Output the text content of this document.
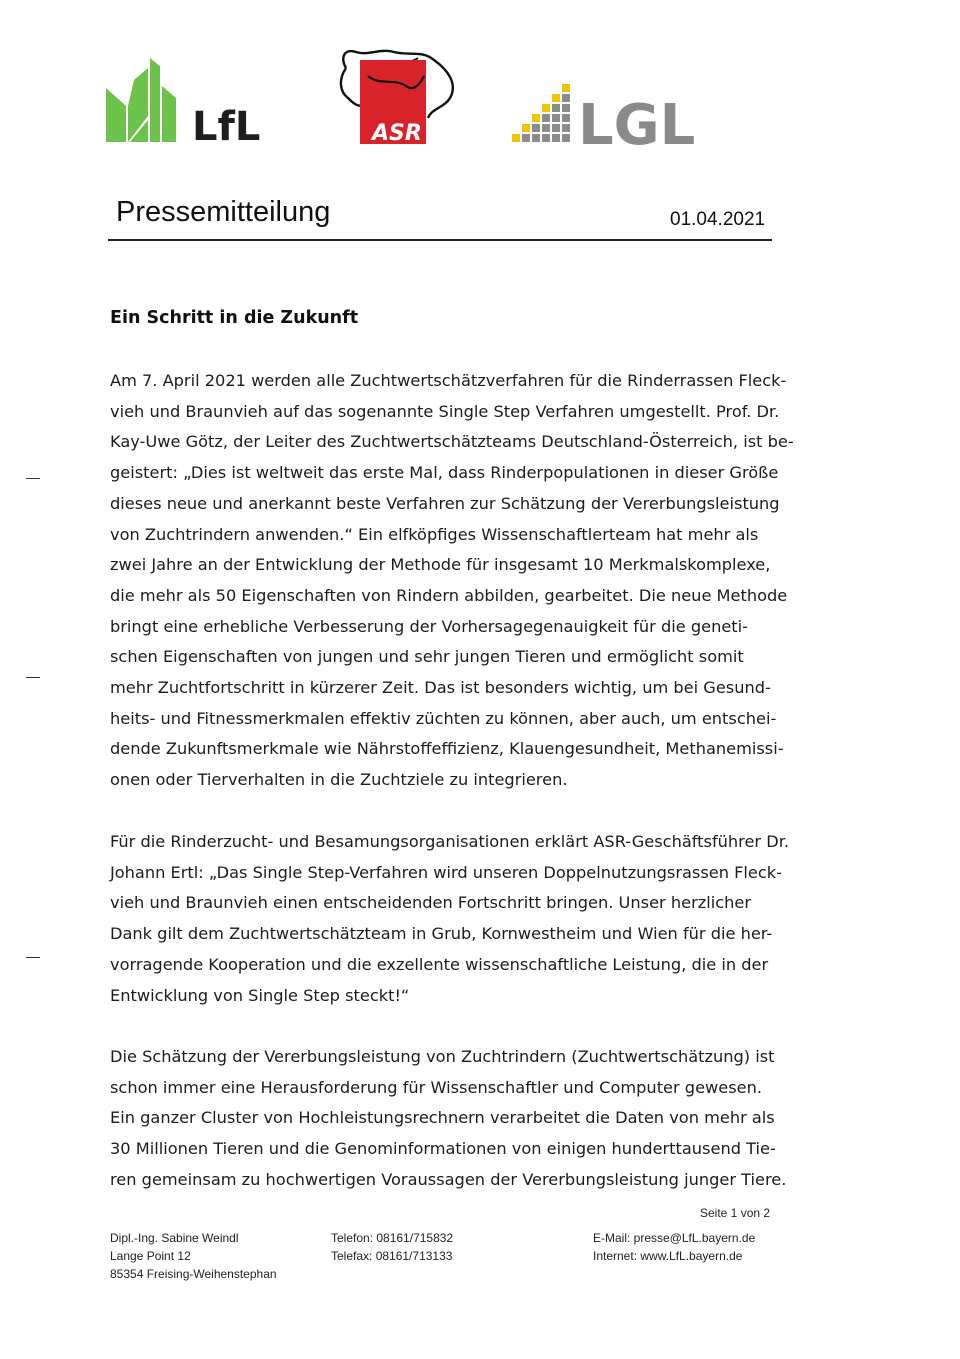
LfL	ASR	LGL
Pressemitteilung	01.04.2021
Ein Schritt in die Zukunft

Am 7. April 2021 werden alle Zuchtwertschätzverfahren für die Rinderrassen Fleck-
vieh und Braunvieh auf das sogenannte Single Step Verfahren umgestellt. Prof. Dr.
Kay-Uwe Götz, der Leiter des Zuchtwertschätzteams Deutschland-Österreich, ist be-
geistert: „Dies ist weltweit das erste Mal, dass Rinderpopulationen in dieser Größe
dieses neue und anerkannt beste Verfahren zur Schätzung der Vererbungsleistung
von Zuchtrindern anwenden.“ Ein elfköpfiges Wissenschaftlerteam hat mehr als
zwei Jahre an der Entwicklung der Methode für insgesamt 10 Merkmalskomplexe,
die mehr als 50 Eigenschaften von Rindern abbilden, gearbeitet. Die neue Methode
bringt eine erhebliche Verbesserung der Vorhersagegenauigkeit für die geneti-
schen Eigenschaften von jungen und sehr jungen Tieren und ermöglicht somit
mehr Zuchtfortschritt in kürzerer Zeit. Das ist besonders wichtig, um bei Gesund-
heits- und Fitnessmerkmalen effektiv züchten zu können, aber auch, um entschei-
dende Zukunftsmerkmale wie Nährstoffeffizienz, Klauengesundheit, Methanemissi-
onen oder Tierverhalten in die Zuchtziele zu integrieren.

Für die Rinderzucht- und Besamungsorganisationen erklärt ASR-Geschäftsführer Dr.
Johann Ertl: „Das Single Step-Verfahren wird unseren Doppelnutzungsrassen Fleck-
vieh und Braunvieh einen entscheidenden Fortschritt bringen. Unser herzlicher
Dank gilt dem Zuchtwertschätzteam in Grub, Kornwestheim und Wien für die her-
vorragende Kooperation und die exzellente wissenschaftliche Leistung, die in der
Entwicklung von Single Step steckt!“

Die Schätzung der Vererbungsleistung von Zuchtrindern (Zuchtwertschätzung) ist
schon immer eine Herausforderung für Wissenschaftler und Computer gewesen.
Ein ganzer Cluster von Hochleistungsrechnern verarbeitet die Daten von mehr als
30 Millionen Tieren und die Genominformationen von einigen hunderttausend Tie-
ren gemeinsam zu hochwertigen Voraussagen der Vererbungsleistung junger Tiere.

Seite 1 von 2
Dipl.-Ing. Sabine Weindl
Lange Point 12
85354 Freising-Weihenstephan
Telefon: 08161/715832
Telefax: 08161/713133
E-Mail: presse@LfL.bayern.de
Internet: www.LfL.bayern.de
